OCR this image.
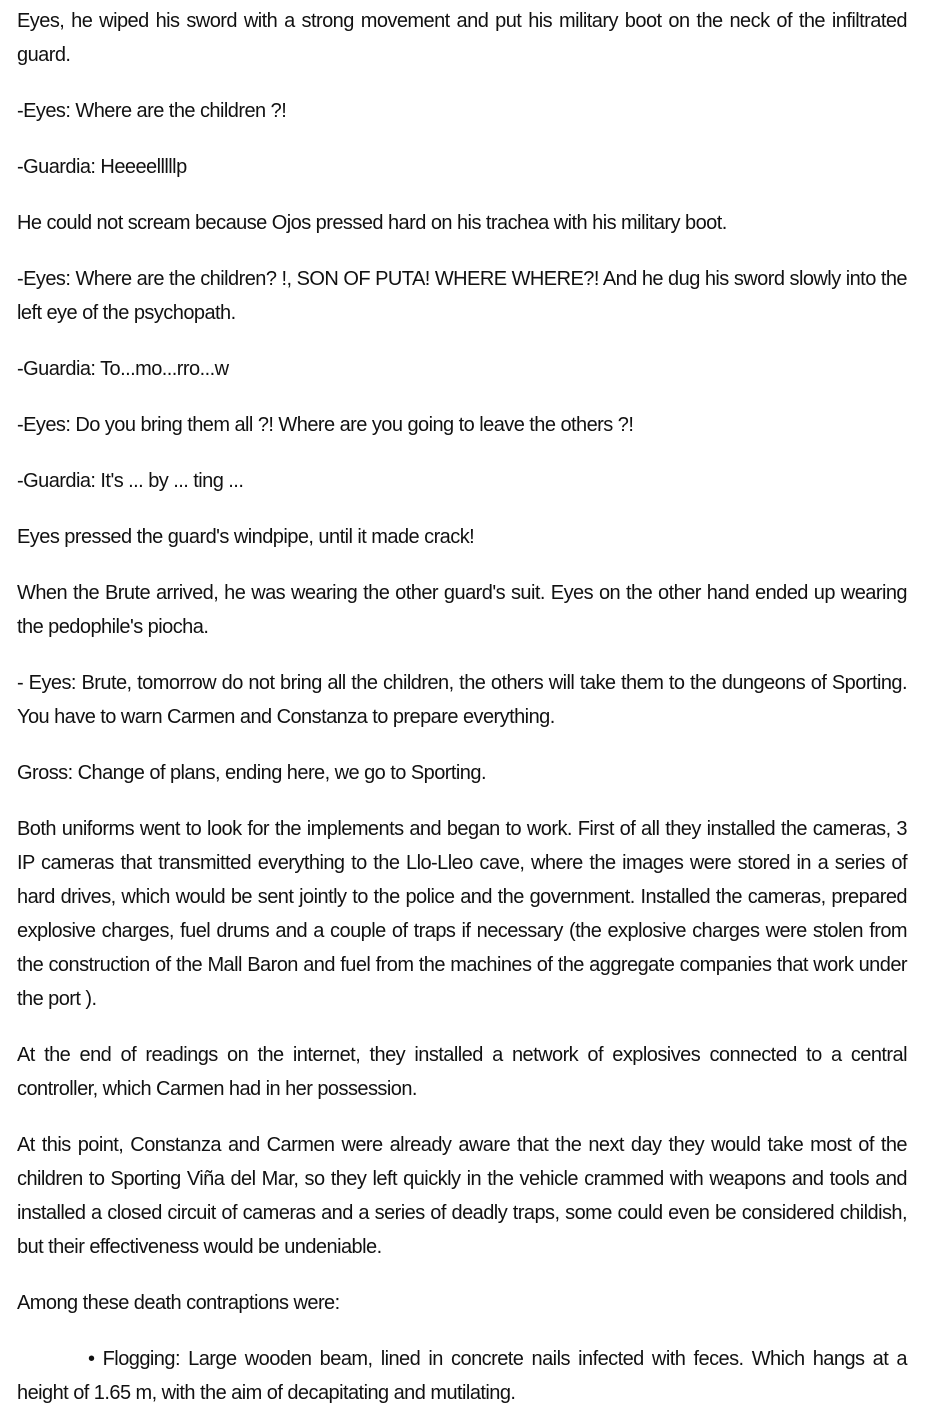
Eyes, he wiped his sword with a strong movement and put his military boot on the neck of the infiltrated guard.

-Eyes: Where are the children ?!

-Guardia: Heeeelllllp

He could not scream because Ojos pressed hard on his trachea with his military boot.

-Eyes: Where are the children? !, SON OF PUTA! WHERE WHERE?! And he dug his sword slowly into the left eye of the psychopath.

-Guardia: To...mo...rro...w

-Eyes: Do you bring them all ?! Where are you going to leave the others ?!

-Guardia: It's ... by ... ting ...

Eyes pressed the guard's windpipe, until it made crack!

When the Brute arrived, he was wearing the other guard's suit. Eyes on the other hand ended up wearing the pedophile's piocha.

- Eyes: Brute, tomorrow do not bring all the children, the others will take them to the dungeons of Sporting. You have to warn Carmen and Constanza to prepare everything.

Gross: Change of plans, ending here, we go to Sporting.

Both uniforms went to look for the implements and began to work. First of all they installed the cameras, 3 IP cameras that transmitted everything to the Llo-Lleo cave, where the images were stored in a series of hard drives, which would be sent jointly to the police and the government. Installed the cameras, prepared explosive charges, fuel drums and a couple of traps if necessary (the explosive charges were stolen from the construction of the Mall Baron and fuel from the machines of the aggregate companies that work under the port ).

At the end of readings on the internet, they installed a network of explosives connected to a central controller, which Carmen had in her possession.

At this point, Constanza and Carmen were already aware that the next day they would take most of the children to Sporting Viña del Mar, so they left quickly in the vehicle crammed with weapons and tools and installed a closed circuit of cameras and a series of deadly traps, some could even be considered childish, but their effectiveness would be undeniable.

Among these death contraptions were:

• Flogging: Large wooden beam, lined in concrete nails infected with feces. Which hangs at a height of 1.65 m, with the aim of decapitating and mutilating.
